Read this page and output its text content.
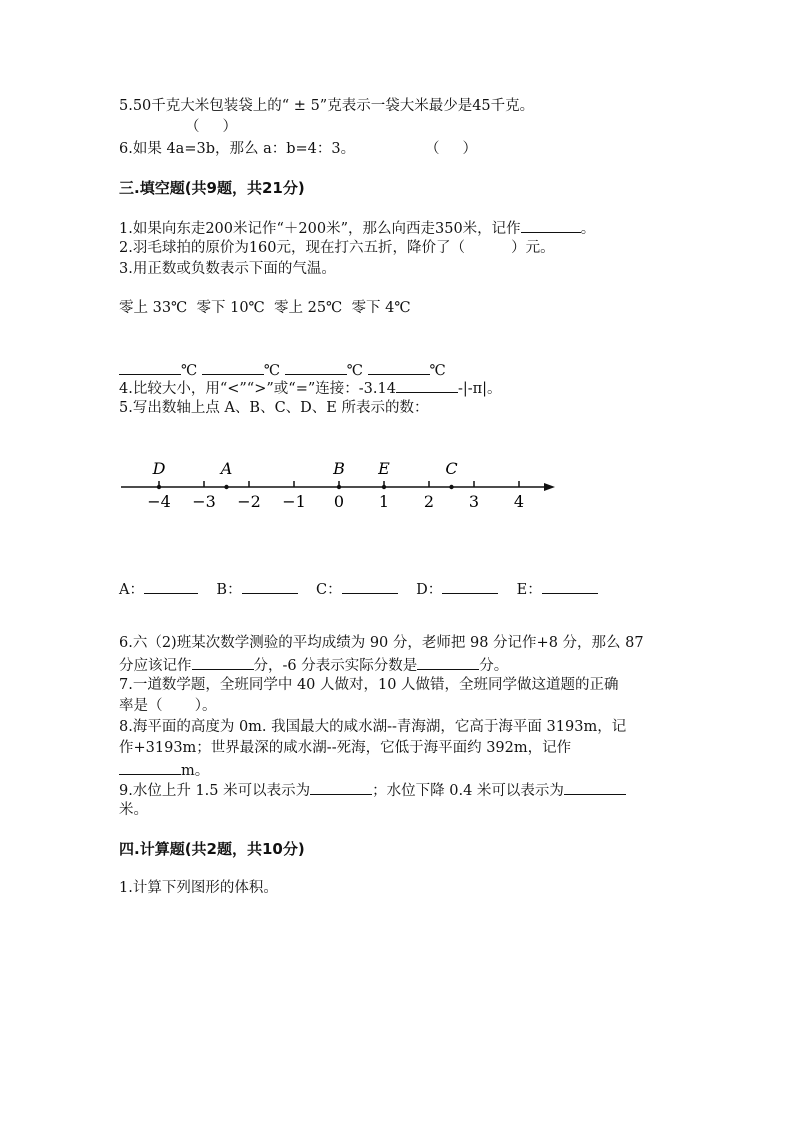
5.50千克大米包装袋上的“ ± 5”克表示一袋大米最少是45千克。
（     ）
6.如果 4a=3b，那么 a：b=4：3。	（     ）
三.填空题(共9题，共21分)
1.如果向东走200米记作“＋200米”，那么向西走350米，记作	。
2.羽毛球拍的原价为160元，现在打六五折，降价了（          ）元。
3.用正数或负数表示下面的气温。
零上 33℃  零下 10℃  零上 25℃  零下 4℃

℃	℃	℃	℃
4.比较大小，用“<”“>”或“=”连接：-3.14	-|-π|。
5.写出数轴上点 A、B、C、D、E 所表示的数：
−4 −3 −2 −1 0 1 2 3 4
D	A	B E	C

A：	B：	C：	D：	E：
6.六（2)班某次数学测验的平均成绩为 90 分，老师把 98 分记作+8 分，那么 87
分应该记作	分，-6 分表示实际分数是	分。
7.一道数学题，全班同学中 40 人做对，10 人做错，全班同学做这道题的正确
率是（       ）。
8.海平面的高度为 0m. 我国最大的咸水湖--青海湖，它高于海平面 3193m，记
作+3193m；世界最深的咸水湖--死海，它低于海平面约 392m，记作
m。
9.水位上升 1.5 米可以表示为	；水位下降 0.4 米可以表示为
米。
四.计算题(共2题，共10分)
1.计算下列图形的体积。
